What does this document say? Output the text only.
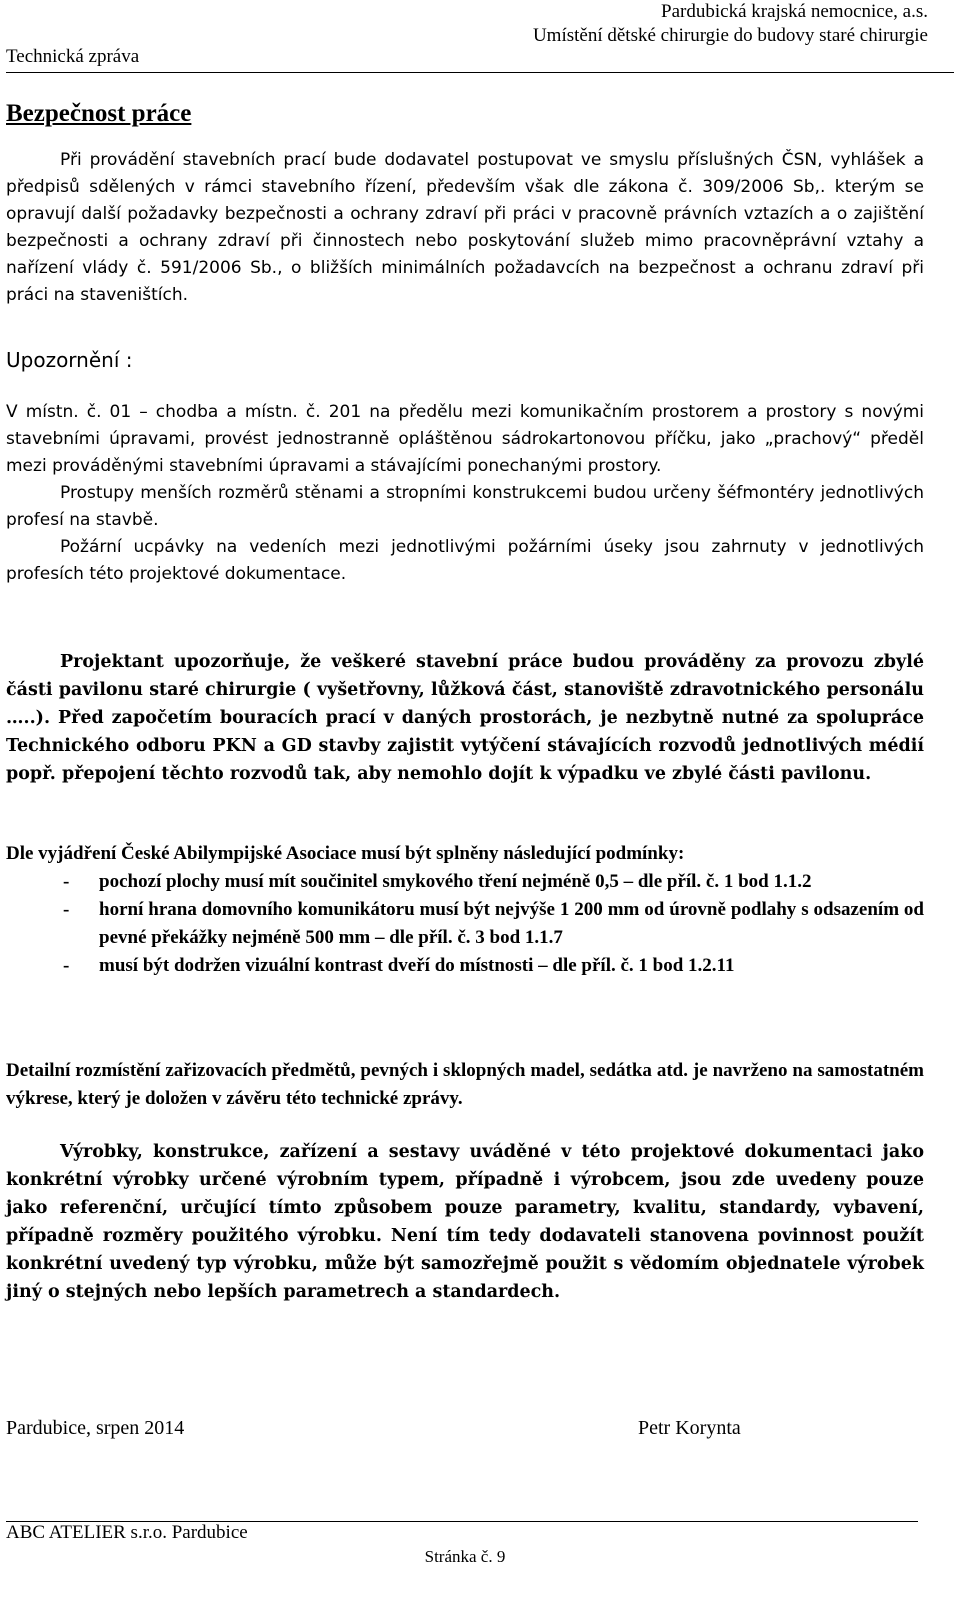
Pardubická krajská nemocnice, a.s.
Umístění dětské chirurgie do budovy staré chirurgie
Technická zpráva
Bezpečnost práce
Při provádění stavebních prací bude dodavatel postupovat ve smyslu příslušných ČSN, vyhlášek a předpisů sdělených v rámci stavebního řízení, především však dle zákona č. 309/2006 Sb,. kterým se opravují další požadavky bezpečnosti a ochrany zdraví při práci v pracovně právních vztazích a o zajištění bezpečnosti a ochrany zdraví při činnostech nebo poskytování služeb mimo pracovněprávní vztahy a nařízení vlády č. 591/2006 Sb., o bližších minimálních požadavcích na bezpečnost a ochranu zdraví při práci na staveništích.
Upozornění :

V místn. č. 01 – chodba a místn. č. 201 na předělu mezi komunikačním prostorem a prostory s novými stavebními úpravami, provést jednostranně opláštěnou sádrokartonovou příčku, jako „prachový“ předěl mezi prováděnými stavebními úpravami a stávajícími ponechanými prostory.

Prostupy menších rozměrů stěnami a stropními konstrukcemi budou určeny šéfmontéry jednotlivých profesí na stavbě.

Požární ucpávky na vedeních mezi jednotlivými požárními úseky jsou zahrnuty v jednotlivých profesích této projektové dokumentace.

Projektant upozorňuje, že veškeré stavební práce budou prováděny za provozu zbylé části pavilonu staré chirurgie ( vyšetřovny, lůžková část, stanoviště zdravotnického personálu …..). Před započetím bouracích prací v daných prostorách, je nezbytně nutné za spolupráce Technického odboru PKN a GD stavby zajistit vytýčení stávajících rozvodů jednotlivých médií popř. přepojení těchto rozvodů tak, aby nemohlo dojít k výpadku ve zbylé části pavilonu.

Dle vyjádření České Abilympijské Asociace musí být splněny následující podmínky:

- pochozí plochy musí mít součinitel smykového tření nejméně 0,5 – dle příl. č. 1 bod 1.1.2
- horní hrana domovního komunikátoru musí být nejvýše 1 200 mm od úrovně podlahy s odsazením od pevné překážky nejméně 500 mm – dle příl. č. 3 bod 1.1.7
- musí být dodržen vizuální kontrast dveří do místnosti – dle příl. č. 1 bod 1.2.11
Detailní rozmístění zařizovacích předmětů, pevných i sklopných madel, sedátka atd. je navrženo na samostatném výkrese, který je doložen v závěru této technické zprávy.
Výrobky, konstrukce, zařízení a sestavy uváděné v této projektové dokumentaci jako konkrétní výrobky určené výrobním typem, případně i výrobcem, jsou zde uvedeny pouze jako referenční, určující tímto způsobem pouze parametry, kvalitu, standardy, vybavení, případně rozměry použitého výrobku. Není tím tedy dodavateli stanovena povinnost použít konkrétní uvedený typ výrobku, může být samozřejmě použit s vědomím objednatele výrobek jiný o stejných nebo lepších parametrech a standardech.
Pardubice, srpen 2014	Petr Korynta
ABC ATELIER s.r.o. Pardubice
Stránka č. 9
